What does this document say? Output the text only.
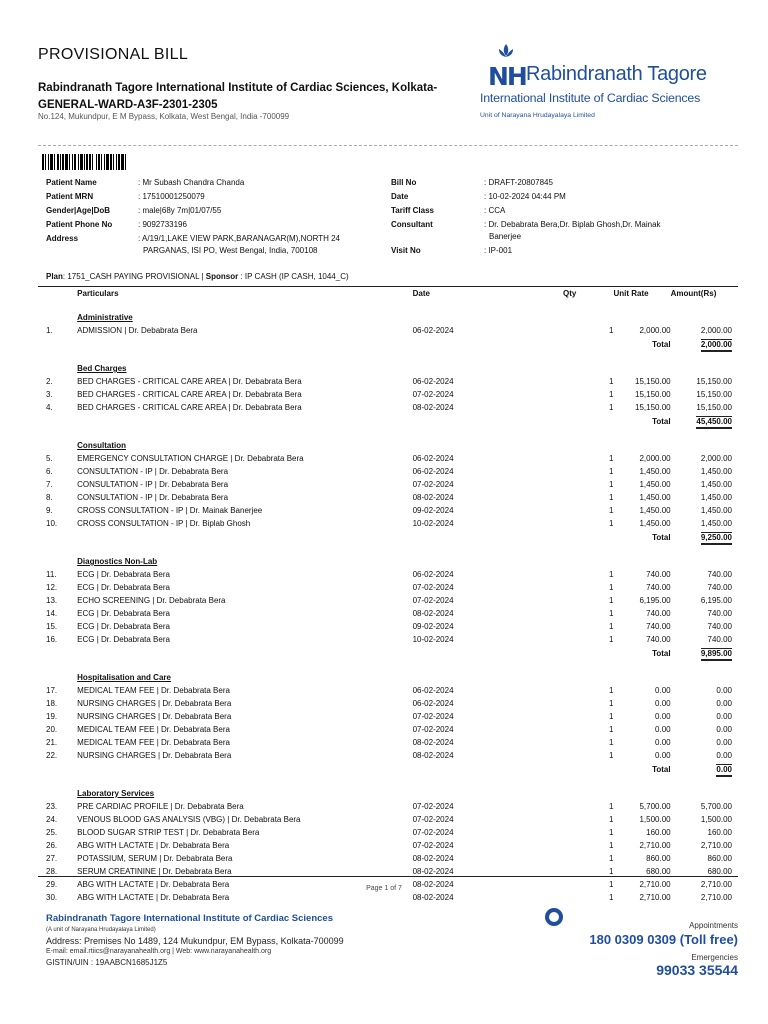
PROVISIONAL BILL
Rabindranath Tagore International Institute of Cardiac Sciences, Kolkata-GENERAL-WARD-A3F-2301-2305
No.124, Mukundpur, E M Bypass, Kolkata, West Bengal, India -700099
NH Rabindranath Tagore
International Institute of Cardiac Sciences
Unit of Narayana Hrudayalaya Limited
Patient Name	: Mr Subash Chandra Chanda
Patient MRN	: 17510001250079
Gender|Age|DoB	: male|68y 7m|01/07/55
Patient Phone No	: 9092733196
Address	: A/19/1,LAKE VIEW PARK,BARANAGAR(M),NORTH 24
PARGANAS, ISI PO, West Bengal, India, 700108
Bill No	: DRAFT-20807845
Date	: 10-02-2024 04:44 PM
Tariff Class	: CCA
Consultant	: Dr. Debabrata Bera,Dr. Biplab Ghosh,Dr. Mainak
Banerjee
Visit No	: IP-001
Plan: 1751_CASH PAYING PROVISIONAL | Sponsor : IP CASH (IP CASH, 1044_C)
	Particulars	Date	Qty	Unit Rate	Amount(Rs)
	Administrative				
1.	ADMISSION | Dr. Debabrata Bera	06-02-2024	1	2,000.00	2,000.00
				Total	2,000.00
	Bed Charges				
2.	BED CHARGES - CRITICAL CARE AREA | Dr. Debabrata Bera	06-02-2024	1	15,150.00	15,150.00
3.	BED CHARGES - CRITICAL CARE AREA | Dr. Debabrata Bera	07-02-2024	1	15,150.00	15,150.00
4.	BED CHARGES - CRITICAL CARE AREA | Dr. Debabrata Bera	08-02-2024	1	15,150.00	15,150.00
				Total	45,450.00
	Consultation				
5.	EMERGENCY CONSULTATION CHARGE | Dr. Debabrata Bera	06-02-2024	1	2,000.00	2,000.00
6.	CONSULTATION - IP | Dr. Debabrata Bera	06-02-2024	1	1,450.00	1,450.00
7.	CONSULTATION - IP | Dr. Debabrata Bera	07-02-2024	1	1,450.00	1,450.00
8.	CONSULTATION - IP | Dr. Debabrata Bera	08-02-2024	1	1,450.00	1,450.00
9.	CROSS CONSULTATION - IP | Dr. Mainak Banerjee	09-02-2024	1	1,450.00	1,450.00
10.	CROSS CONSULTATION - IP | Dr. Biplab Ghosh	10-02-2024	1	1,450.00	1,450.00
				Total	9,250.00
	Diagnostics Non-Lab				
11.	ECG | Dr. Debabrata Bera	06-02-2024	1	740.00	740.00
12.	ECG | Dr. Debabrata Bera	07-02-2024	1	740.00	740.00
13.	ECHO SCREENING | Dr. Debabrata Bera	07-02-2024	1	6,195.00	6,195.00
14.	ECG | Dr. Debabrata Bera	08-02-2024	1	740.00	740.00
15.	ECG | Dr. Debabrata Bera	09-02-2024	1	740.00	740.00
16.	ECG | Dr. Debabrata Bera	10-02-2024	1	740.00	740.00
				Total	9,895.00
	Hospitalisation and Care				
17.	MEDICAL TEAM FEE | Dr. Debabrata Bera	06-02-2024	1	0.00	0.00
18.	NURSING CHARGES | Dr. Debabrata Bera	06-02-2024	1	0.00	0.00
19.	NURSING CHARGES | Dr. Debabrata Bera	07-02-2024	1	0.00	0.00
20.	MEDICAL TEAM FEE | Dr. Debabrata Bera	07-02-2024	1	0.00	0.00
21.	MEDICAL TEAM FEE | Dr. Debabrata Bera	08-02-2024	1	0.00	0.00
22.	NURSING CHARGES | Dr. Debabrata Bera	08-02-2024	1	0.00	0.00
				Total	0.00
	Laboratory Services				
23.	PRE CARDIAC PROFILE | Dr. Debabrata Bera	07-02-2024	1	5,700.00	5,700.00
24.	VENOUS BLOOD GAS ANALYSIS (VBG) | Dr. Debabrata Bera	07-02-2024	1	1,500.00	1,500.00
25.	BLOOD SUGAR STRIP TEST | Dr. Debabrata Bera	07-02-2024	1	160.00	160.00
26.	ABG WITH LACTATE | Dr. Debabrata Bera	07-02-2024	1	2,710.00	2,710.00
27.	POTASSIUM, SERUM | Dr. Debabrata Bera	08-02-2024	1	860.00	860.00
28.	SERUM CREATININE | Dr. Debabrata Bera	08-02-2024	1	680.00	680.00
29.	ABG WITH LACTATE | Dr. Debabrata Bera	08-02-2024	1	2,710.00	2,710.00
30.	ABG WITH LACTATE | Dr. Debabrata Bera	08-02-2024	1	2,710.00	2,710.00
Page 1 of 7
Rabindranath Tagore International Institute of Cardiac Sciences
(A unit of Narayana Hrudayalaya Limited)
Address: Premises No 1489, 124 Mukundpur, EM Bypass, Kolkata-700099
E-mail: email.rtiics@narayanahealth.org | Web: www.narayanahealth.org
GISTIN/UIN : 19AABCN1685J1Z5
Appointments
180 0309 0309 (Toll free)
Emergencies
99033 35544
